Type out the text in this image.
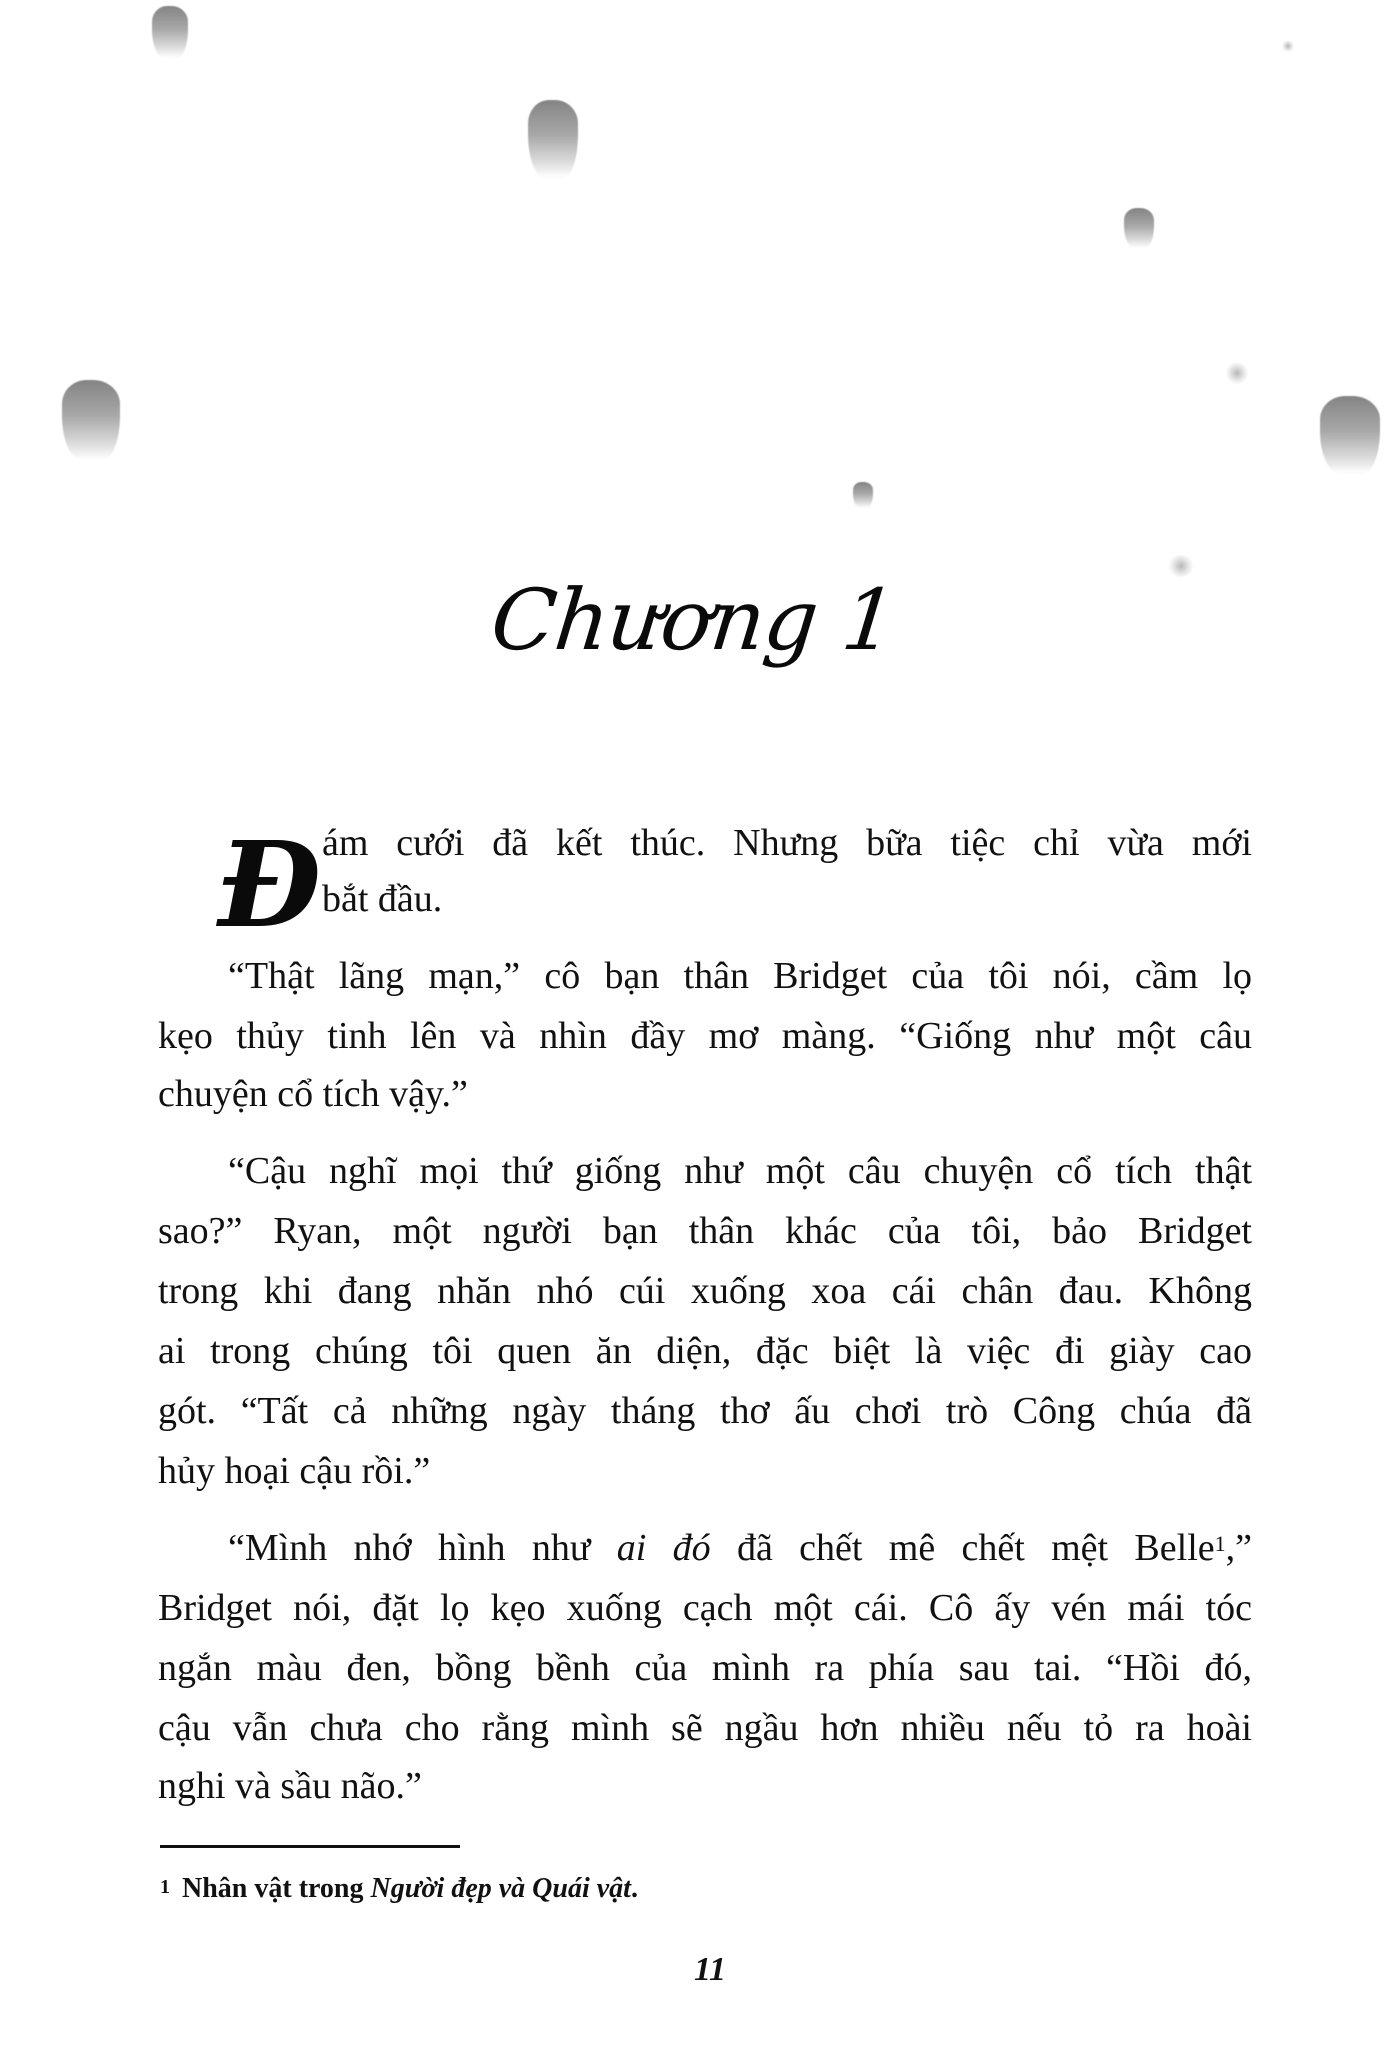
Chương 1
Đ ám cưới đã kết thúc. Nhưng bữa tiệc chỉ vừa mới
bắt đầu.
“Thật lãng mạn,” cô bạn thân Bridget của tôi nói, cầm lọ
kẹo thủy tinh lên và nhìn đầy mơ màng. “Giống như một câu
chuyện cổ tích vậy.”
“Cậu nghĩ mọi thứ giống như một câu chuyện cổ tích thật
sao?” Ryan, một người bạn thân khác của tôi, bảo Bridget
trong khi đang nhăn nhó cúi xuống xoa cái chân đau. Không
ai trong chúng tôi quen ăn diện, đặc biệt là việc đi giày cao
gót. “Tất cả những ngày tháng thơ ấu chơi trò Công chúa đã
hủy hoại cậu rồi.”
“Mình nhớ hình như ai đó đã chết mê chết mệt Belle$^1$,”
Bridget nói, đặt lọ kẹo xuống cạch một cái. Cô ấy vén mái tóc
ngắn màu đen, bồng bềnh của mình ra phía sau tai. “Hồi đó,
cậu vẫn chưa cho rằng mình sẽ ngầu hơn nhiều nếu tỏ ra hoài
nghi và sầu não.”
$^1$ Nhân vật trong Người đẹp và Quái vật.
11
